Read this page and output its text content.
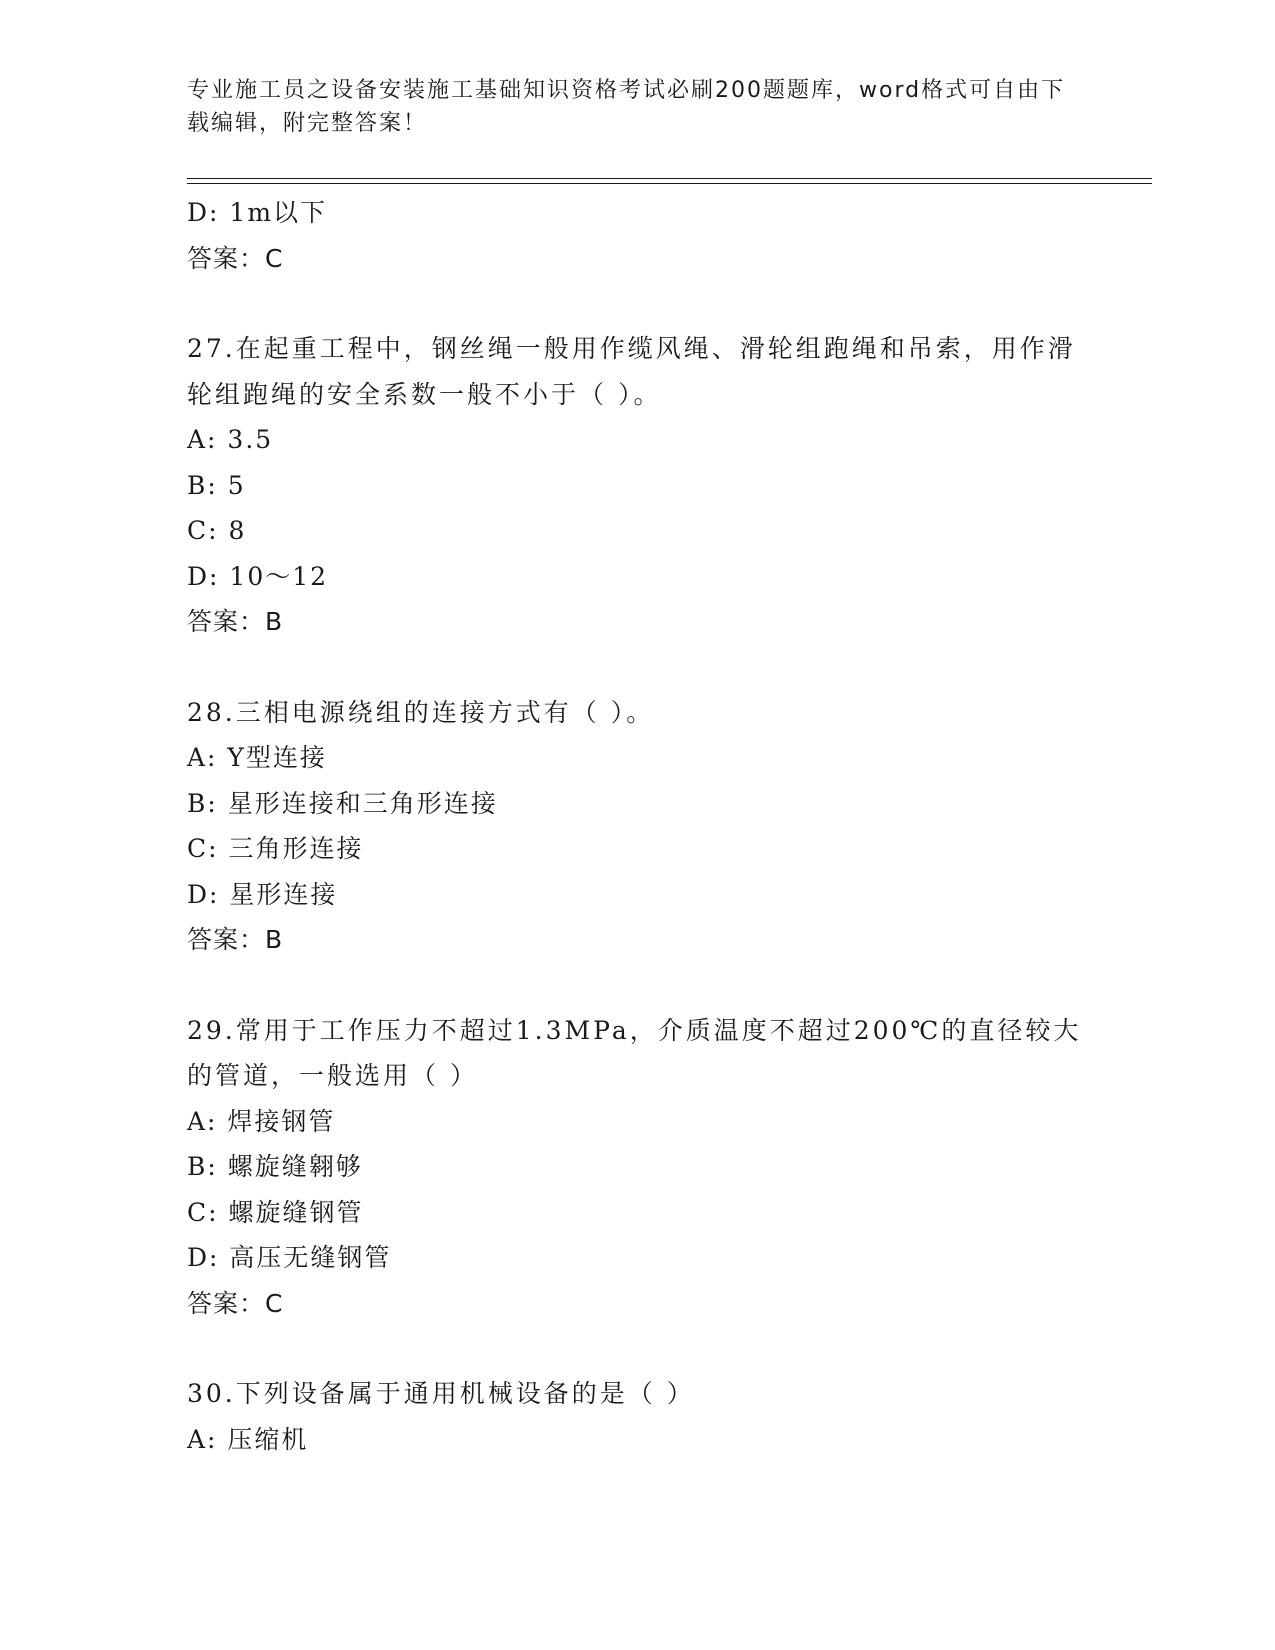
专业施工员之设备安装施工基础知识资格考试必刷200题题库，word格式可自由下载编辑，附完整答案！
D: 1m以下
答案：C
27.在起重工程中，钢丝绳一般用作缆风绳、滑轮组跑绳和吊索，用作滑轮组跑绳的安全系数一般不小于（ ）。
A: 3.5
B: 5
C: 8
D: 10～12
答案：B
28.三相电源绕组的连接方式有（ ）。
A: Y型连接
B: 星形连接和三角形连接
C: 三角形连接
D: 星形连接
答案：B
29.常用于工作压力不超过1.3MPa，介质温度不超过200℃的直径较大的管道，一般选用（ ）
A: 焊接钢管
B: 螺旋缝翱够
C: 螺旋缝钢管
D: 高压无缝钢管
答案：C
30.下列设备属于通用机械设备的是（ ）
A: 压缩机
